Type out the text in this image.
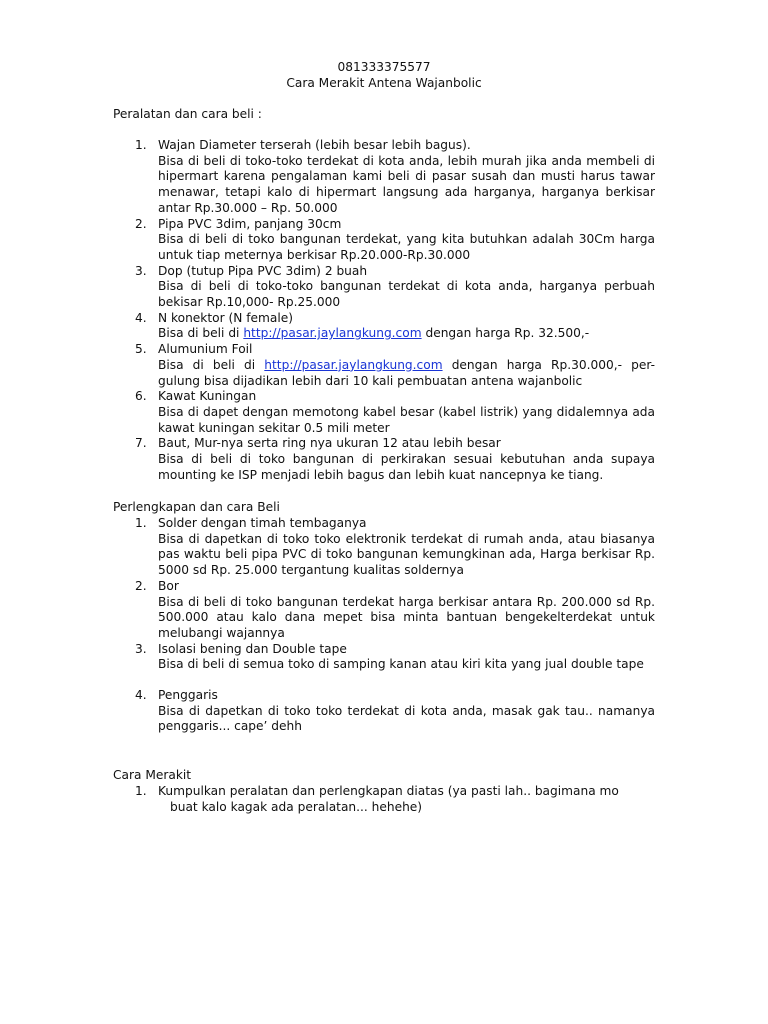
081333375577
Cara Merakit Antena Wajanbolic
Peralatan dan cara beli :
1. Wajan Diameter terserah (lebih besar lebih bagus).
Bisa di beli di toko-toko terdekat di kota anda, lebih murah jika anda membeli di hipermart karena pengalaman kami beli di pasar susah dan musti harus tawar menawar, tetapi kalo di hipermart langsung ada harganya, harganya berkisar antar Rp.30.000 – Rp. 50.000
2. Pipa PVC 3dim, panjang 30cm
Bisa di beli di toko bangunan terdekat, yang kita butuhkan adalah 30Cm harga untuk tiap meternya berkisar Rp.20.000-Rp.30.000
3. Dop (tutup Pipa PVC 3dim) 2 buah
Bisa di beli di toko-toko bangunan terdekat di kota anda, harganya perbuah bekisar Rp.10,000- Rp.25.000
4. N konektor (N female)
Bisa di beli di http://pasar.jaylangkung.com dengan harga Rp. 32.500,-
5. Alumunium Foil
Bisa di beli di http://pasar.jaylangkung.com dengan harga Rp.30.000,- per-gulung bisa dijadikan lebih dari 10 kali pembuatan antena wajanbolic
6. Kawat Kuningan
Bisa di dapet dengan memotong kabel besar (kabel listrik) yang didalemnya ada kawat kuningan sekitar 0.5 mili meter
7. Baut, Mur-nya serta ring nya ukuran 12 atau lebih besar
Bisa di beli di toko bangunan di perkirakan sesuai kebutuhan anda supaya mounting ke ISP menjadi lebih bagus dan lebih kuat nancepnya ke tiang.
Perlengkapan dan cara Beli
1. Solder dengan timah tembaganya
Bisa di dapetkan di toko toko elektronik terdekat di rumah anda, atau biasanya pas waktu beli pipa PVC di toko bangunan kemungkinan ada, Harga berkisar Rp. 5000 sd Rp. 25.000 tergantung kualitas soldernya
2. Bor
Bisa di beli di toko bangunan terdekat harga berkisar antara Rp. 200.000 sd Rp. 500.000 atau kalo dana mepet bisa minta bantuan bengekelterdekat untuk melubangi wajannya
3. Isolasi bening dan Double tape
Bisa di beli di semua toko di samping kanan atau kiri kita yang jual double tape
4. Penggaris
Bisa di dapetkan di toko toko terdekat di kota anda, masak gak tau.. namanya penggaris... cape’ dehh
Cara Merakit
1. Kumpulkan peralatan dan perlengkapan diatas (ya pasti lah.. bagimana mo
buat kalo kagak ada peralatan... hehehe)
